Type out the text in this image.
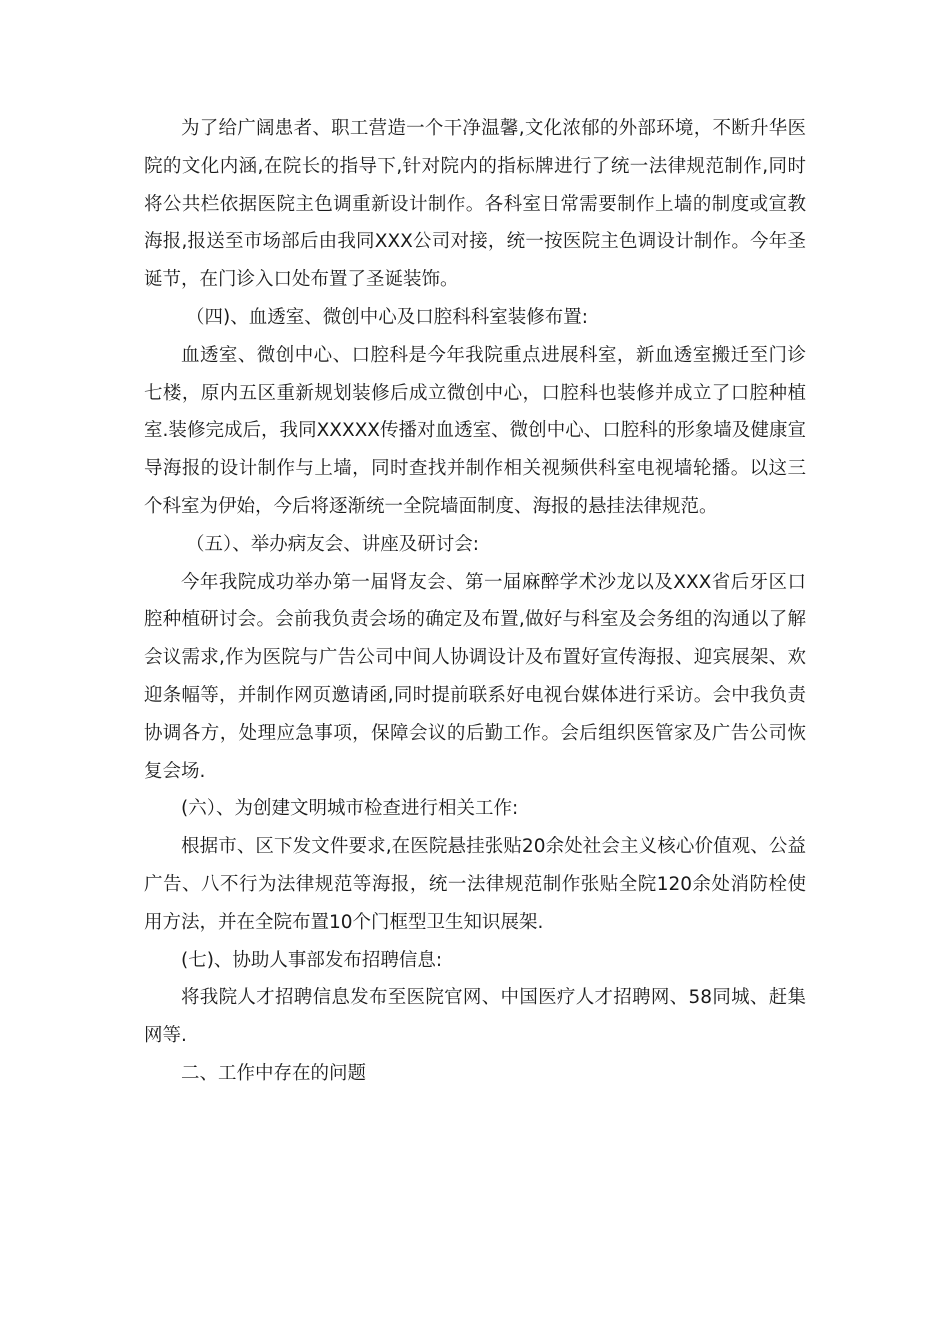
为了给广阔患者、职工营造一个干净温馨,文化浓郁的外部环境，不断升华医院的文化内涵,在院长的指导下,针对院内的指标牌进行了统一法律规范制作,同时将公共栏依据医院主色调重新设计制作。各科室日常需要制作上墙的制度或宣教海报,报送至市场部后由我同XXX公司对接，统一按医院主色调设计制作。今年圣诞节，在门诊入口处布置了圣诞装饰。

（四)、血透室、微创中心及口腔科科室装修布置:

血透室、微创中心、口腔科是今年我院重点进展科室，新血透室搬迁至门诊七楼，原内五区重新规划装修后成立微创中心，口腔科也装修并成立了口腔种植室.装修完成后，我同XXXXX传播对血透室、微创中心、口腔科的形象墙及健康宣导海报的设计制作与上墙，同时查找并制作相关视频供科室电视墙轮播。以这三个科室为伊始，今后将逐渐统一全院墙面制度、海报的悬挂法律规范。

（五）、举办病友会、讲座及研讨会:

今年我院成功举办第一届肾友会、第一届麻醉学术沙龙以及XXX省后牙区口腔种植研讨会。会前我负责会场的确定及布置,做好与科室及会务组的沟通以了解会议需求,作为医院与广告公司中间人协调设计及布置好宣传海报、迎宾展架、欢迎条幅等，并制作网页邀请函,同时提前联系好电视台媒体进行采访。会中我负责协调各方，处理应急事项，保障会议的后勤工作。会后组织医管家及广告公司恢复会场.

(六）、为创建文明城市检查进行相关工作:

根据市、区下发文件要求,在医院悬挂张贴20余处社会主义核心价值观、公益广告、八不行为法律规范等海报，统一法律规范制作张贴全院120余处消防栓使用方法，并在全院布置10个门框型卫生知识展架.

(七)、协助人事部发布招聘信息:

将我院人才招聘信息发布至医院官网、中国医疗人才招聘网、58同城、赶集网等.

二、工作中存在的问题
